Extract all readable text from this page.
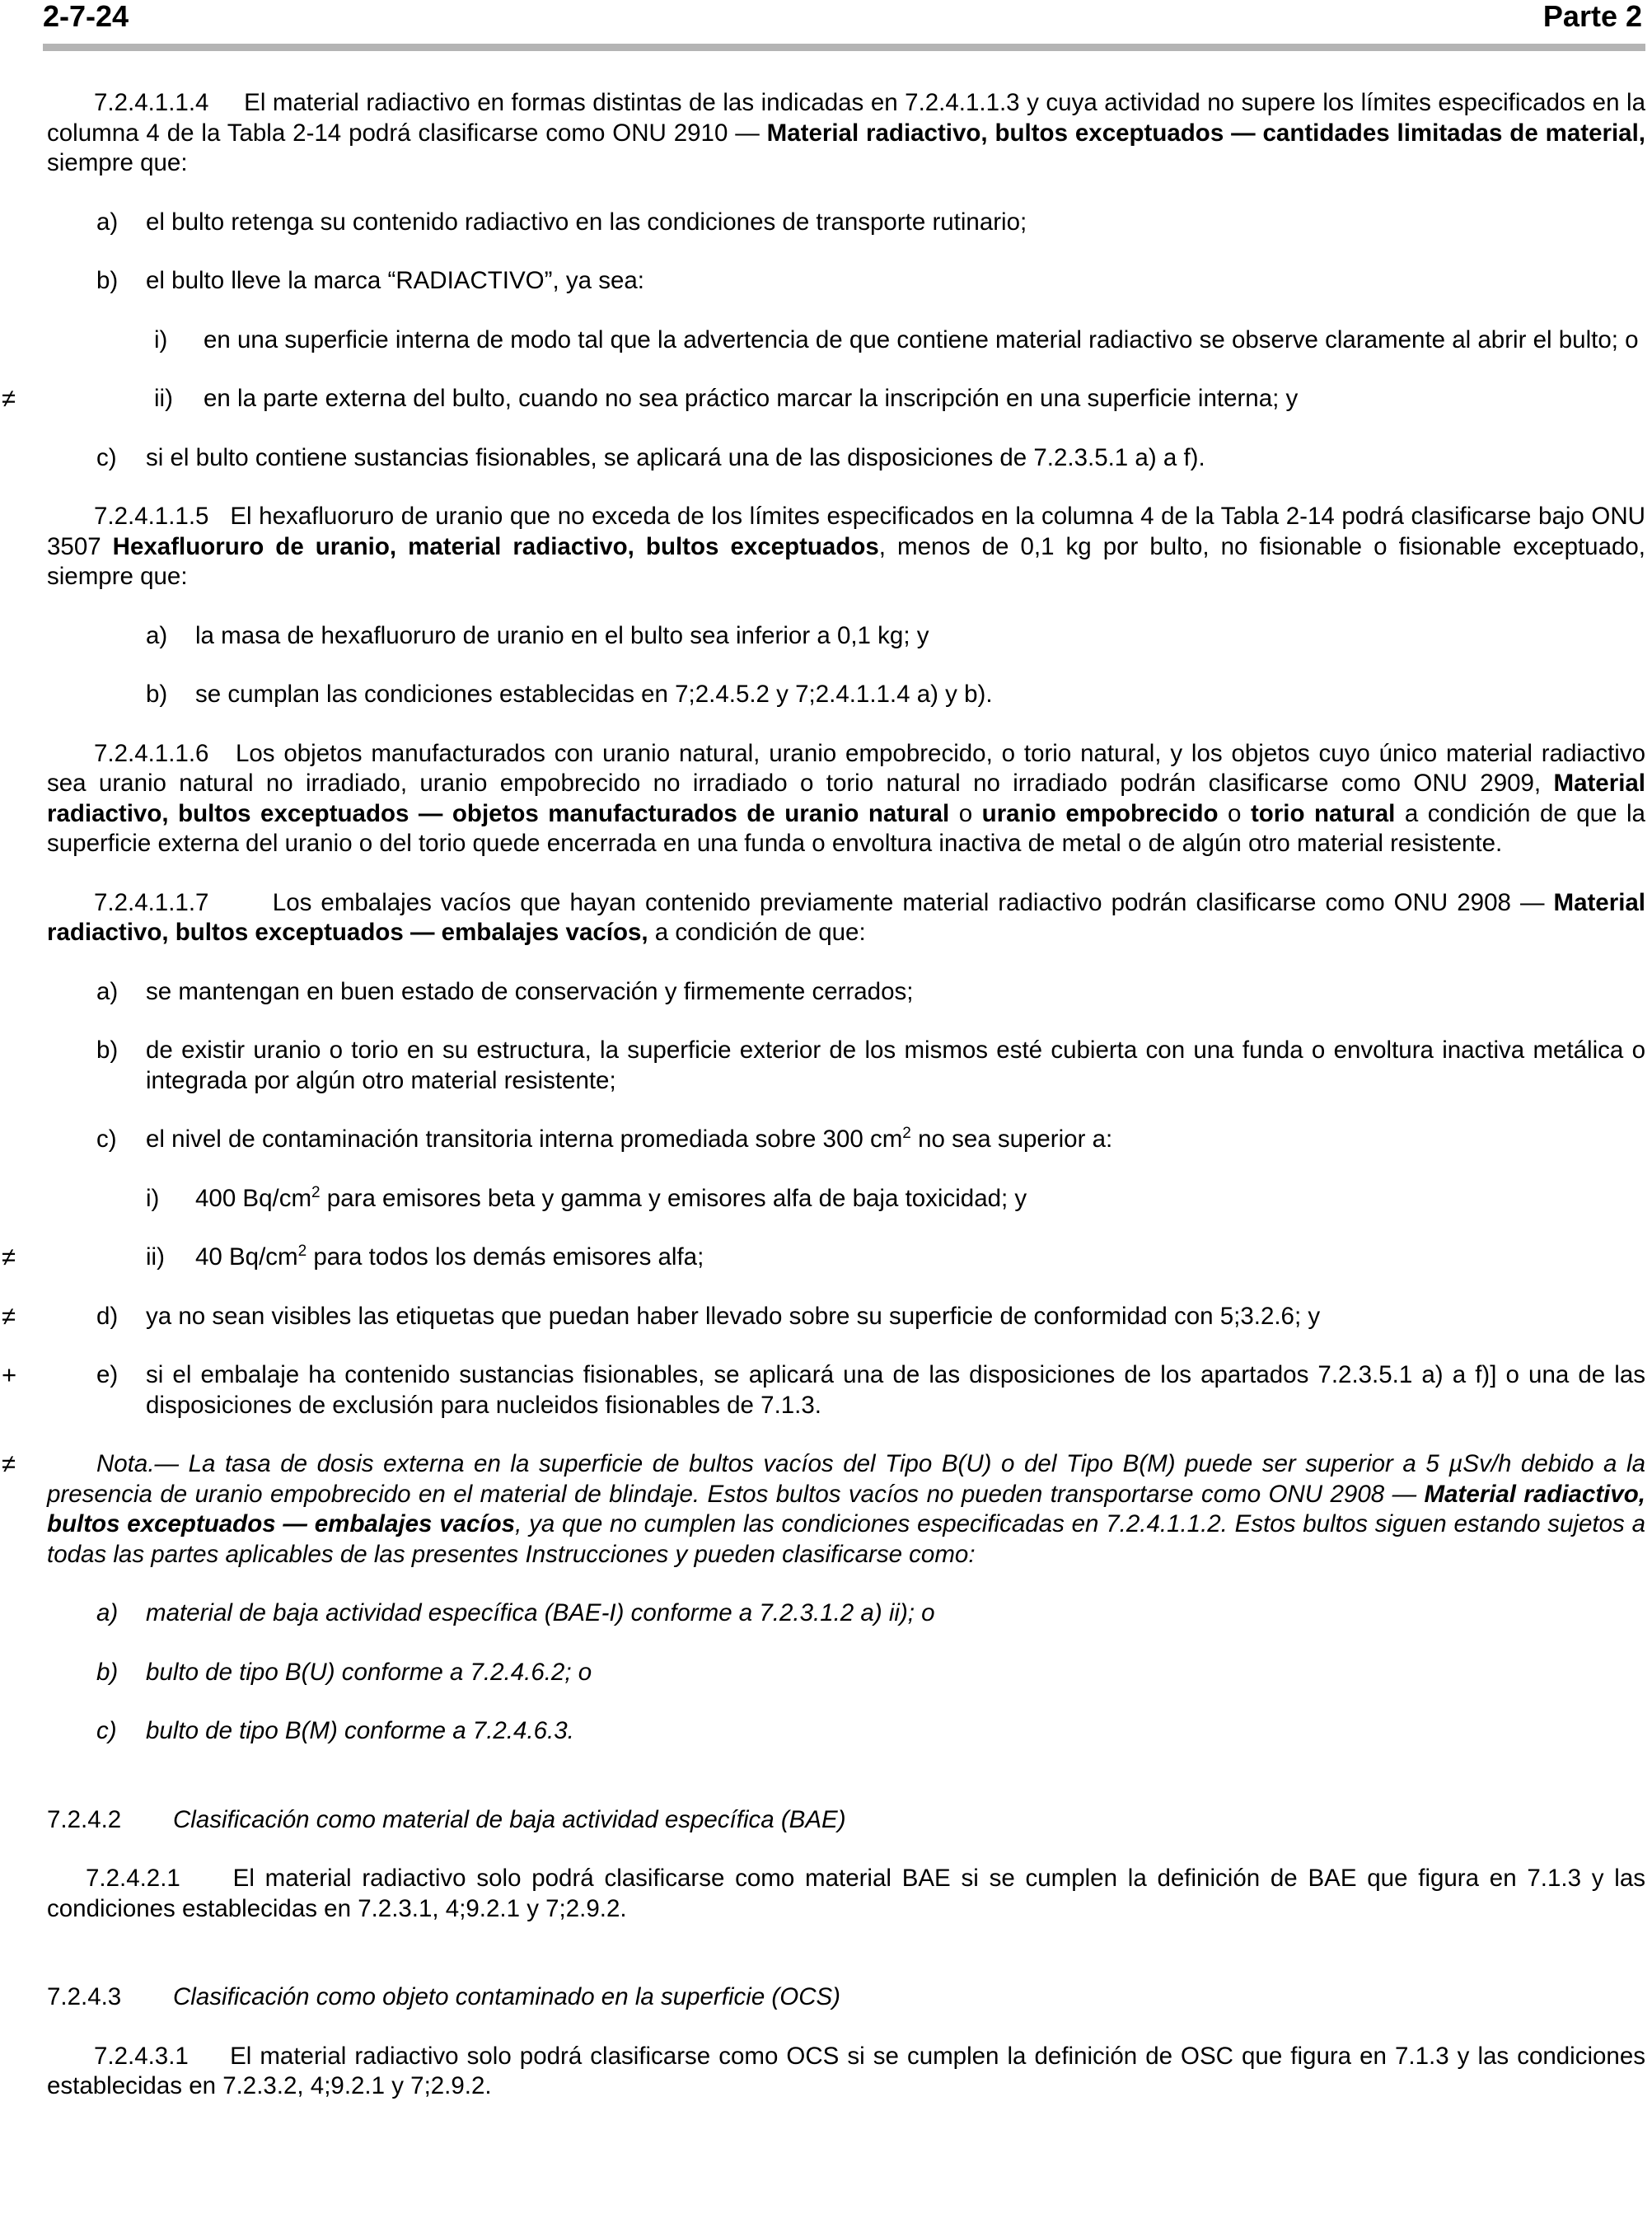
2-7-24	Parte 2

7.2.4.1.1.4 El material radiactivo en formas distintas de las indicadas en 7.2.4.1.1.3 y cuya actividad no supere los límites especificados en la columna 4 de la Tabla 2-14 podrá clasificarse como ONU 2910 — Material radiactivo, bultos exceptuados — cantidades limitadas de material, siempre que:

a) el bulto retenga su contenido radiactivo en las condiciones de transporte rutinario;

b) el bulto lleve la marca “RADIACTIVO”, ya sea:

i) en una superficie interna de modo tal que la advertencia de que contiene material radiactivo se observe claramente al abrir el bulto; o

≠	ii) en la parte externa del bulto, cuando no sea práctico marcar la inscripción en una superficie interna; y

c) si el bulto contiene sustancias fisionables, se aplicará una de las disposiciones de 7.2.3.5.1 a) a f).

7.2.4.1.1.5 El hexafluoruro de uranio que no exceda de los límites especificados en la columna 4 de la Tabla 2-14 podrá clasificarse bajo ONU 3507 Hexafluoruro de uranio, material radiactivo, bultos exceptuados, menos de 0,1 kg por bulto, no fisionable o fisionable exceptuado, siempre que:

a) la masa de hexafluoruro de uranio en el bulto sea inferior a 0,1 kg; y

b) se cumplan las condiciones establecidas en 7;2.4.5.2 y 7;2.4.1.1.4 a) y b).

7.2.4.1.1.6 Los objetos manufacturados con uranio natural, uranio empobrecido, o torio natural, y los objetos cuyo único material radiactivo sea uranio natural no irradiado, uranio empobrecido no irradiado o torio natural no irradiado podrán clasificarse como ONU 2909, Material radiactivo, bultos exceptuados — objetos manufacturados de uranio natural o uranio empobrecido o torio natural a condición de que la superficie externa del uranio o del torio quede encerrada en una funda o envoltura inactiva de metal o de algún otro material resistente.

7.2.4.1.1.7	Los embalajes vacíos que hayan contenido previamente material radiactivo podrán clasificarse como ONU 2908 — Material radiactivo, bultos exceptuados — embalajes vacíos, a condición de que:

a) se mantengan en buen estado de conservación y firmemente cerrados;

b) de existir uranio o torio en su estructura, la superficie exterior de los mismos esté cubierta con una funda o envoltura inactiva metálica o integrada por algún otro material resistente;

c) el nivel de contaminación transitoria interna promediada sobre 300 $cm^2$ no sea superior a:

i) 400 $Bq/cm^2$ para emisores beta y gamma y emisores alfa de baja toxicidad; y

≠	ii) 40 $Bq/cm^2$ para todos los demás emisores alfa;

≠	d) ya no sean visibles las etiquetas que puedan haber llevado sobre su superficie de conformidad con 5;3.2.6; y

+	e) si el embalaje ha contenido sustancias fisionables, se aplicará una de las disposiciones de los apartados 7.2.3.5.1 a) a f)] o una de las disposiciones de exclusión para nucleidos fisionables de 7.1.3.

≠	Nota.— La tasa de dosis externa en la superficie de bultos vacíos del Tipo B(U) o del Tipo B(M) puede ser superior a 5 µSv/h debido a la presencia de uranio empobrecido en el material de blindaje. Estos bultos vacíos no pueden transportarse como ONU 2908 — Material radiactivo, bultos exceptuados — embalajes vacíos, ya que no cumplen las condiciones especificadas en 7.2.4.1.1.2. Estos bultos siguen estando sujetos a todas las partes aplicables de las presentes Instrucciones y pueden clasificarse como:

a) material de baja actividad específica (BAE-I) conforme a 7.2.3.1.2 a) ii); o

b) bulto de tipo B(U) conforme a 7.2.4.6.2; o

c) bulto de tipo B(M) conforme a 7.2.4.6.3.

7.2.4.2 Clasificación como material de baja actividad específica (BAE)

7.2.4.2.1 El material radiactivo solo podrá clasificarse como material BAE si se cumplen la definición de BAE que figura en 7.1.3 y las condiciones establecidas en 7.2.3.1, 4;9.2.1 y 7;2.9.2.

7.2.4.3 Clasificación como objeto contaminado en la superficie (OCS)

7.2.4.3.1 El material radiactivo solo podrá clasificarse como OCS si se cumplen la definición de OSC que figura en 7.1.3 y las condiciones establecidas en 7.2.3.2, 4;9.2.1 y 7;2.9.2.
